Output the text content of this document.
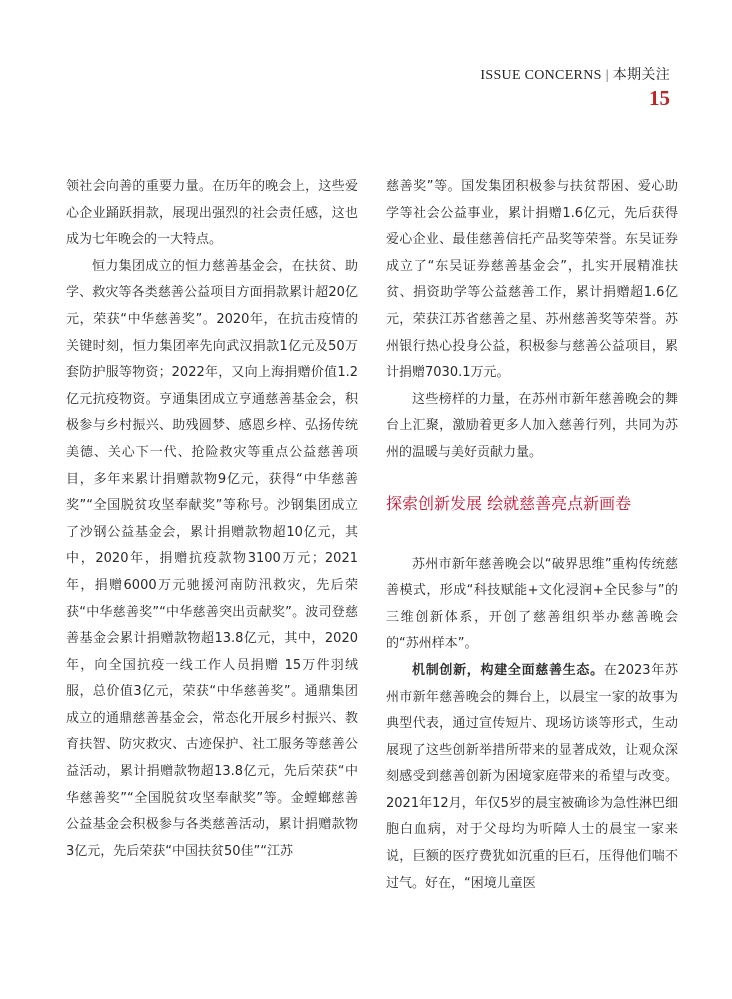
ISSUE CONCERNS | 本期关注
15

领社会向善的重要力量。在历年的晚会上，这些爱心企业踊跃捐款，展现出强烈的社会责任感，这也成为七年晚会的一大特点。

恒力集团成立的恒力慈善基金会，在扶贫、助学、救灾等各类慈善公益项目方面捐款累计超20亿元，荣获“中华慈善奖”。2020年，在抗击疫情的关键时刻，恒力集团率先向武汉捐款1亿元及50万套防护服等物资；2022年，又向上海捐赠价值1.2亿元抗疫物资。亨通集团成立亨通慈善基金会，积极参与乡村振兴、助残圆梦、感恩乡梓、弘扬传统美德、关心下一代、抢险救灾等重点公益慈善项目，多年来累计捐赠款物9亿元，获得“中华慈善奖”“全国脱贫攻坚奉献奖”等称号。沙钢集团成立了沙钢公益基金会，累计捐赠款物超10亿元，其中，2020年，捐赠抗疫款物3100万元；2021年，捐赠6000万元驰援河南防汛救灾，先后荣获“中华慈善奖”“中华慈善突出贡献奖”。波司登慈善基金会累计捐赠款物超13.8亿元，其中，2020年，向全国抗疫一线工作人员捐赠 15万件羽绒服，总价值3亿元，荣获“中华慈善奖”。通鼎集团成立的通鼎慈善基金会，常态化开展乡村振兴、教育扶智、防灾救灾、古迹保护、社工服务等慈善公益活动，累计捐赠款物超13.8亿元，先后荣获“中华慈善奖”“全国脱贫攻坚奉献奖”等。金螳螂慈善公益基金会积极参与各类慈善活动，累计捐赠款物3亿元，先后荣获“中国扶贫50佳”“江苏

慈善奖”等。国发集团积极参与扶贫帮困、爱心助学等社会公益事业，累计捐赠1.6亿元，先后获得爱心企业、最佳慈善信托产品奖等荣誉。东吴证券成立了“东吴证券慈善基金会”，扎实开展精准扶贫、捐资助学等公益慈善工作，累计捐赠超1.6亿元，荣获江苏省慈善之星、苏州慈善奖等荣誉。苏州银行热心投身公益，积极参与慈善公益项目，累计捐赠7030.1万元。

这些榜样的力量，在苏州市新年慈善晚会的舞台上汇聚，激励着更多人加入慈善行列，共同为苏州的温暖与美好贡献力量。

探索创新发展 绘就慈善亮点新画卷

苏州市新年慈善晚会以“破界思维”重构传统慈善模式，形成“科技赋能+文化浸润+全民参与”的三维创新体系，开创了慈善组织举办慈善晚会的“苏州样本”。

机制创新，构建全面慈善生态。在2023年苏州市新年慈善晚会的舞台上，以晨宝一家的故事为典型代表，通过宣传短片、现场访谈等形式，生动展现了这些创新举措所带来的显著成效，让观众深刻感受到慈善创新为困境家庭带来的希望与改变。2021年12月，年仅5岁的晨宝被确诊为急性淋巴细胞白血病，对于父母均为听障人士的晨宝一家来说，巨额的医疗费犹如沉重的巨石，压得他们喘不过气。好在，“困境儿童医
